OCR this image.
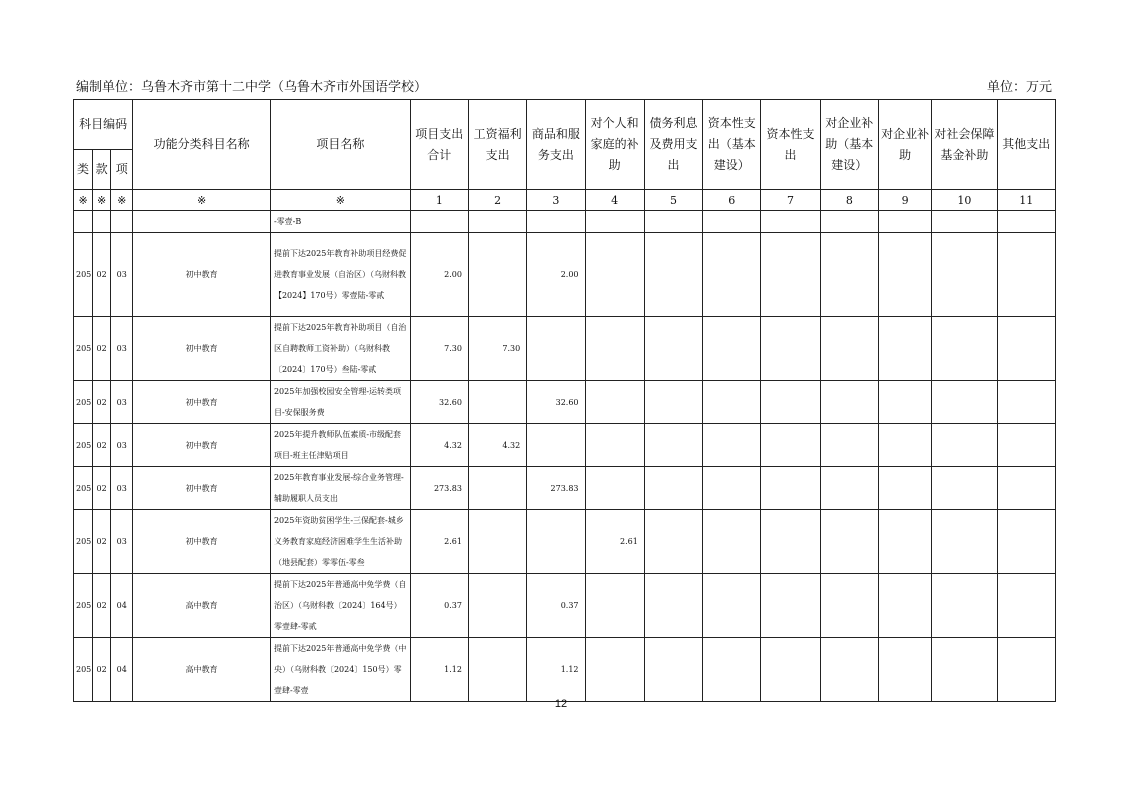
编制单位：乌鲁木齐市第十二中学（乌鲁木齐市外国语学校）	单位：万元
科目编码			功能分类科目名称	项目名称	项目支出合计	工资福利支出	商品和服务支出	对个人和家庭的补助	债务利息及费用支出	资本性支出（基本建设）	资本性支出	对企业补助（基本建设）	对企业补助	对社会保障基金补助	其他支出
类	款	项													
※	※	※	※	※	1	2	3	4	5	6	7	8	9	10	11
				-零壹-B											
205	02	03	初中教育	提前下达2025年教育补助项目经费促进教育事业发展（自治区）（乌财科教【2024】170号）零壹陆-零贰	2.00		2.00								
205	02	03	初中教育	提前下达2025年教育补助项目（自治区自聘教师工资补助）（乌财科教〔2024〕170号）叁陆-零贰	7.30	7.30									
205	02	03	初中教育	2025年加强校园安全管理-运转类项目-安保服务费	32.60		32.60								
205	02	03	初中教育	2025年提升教师队伍素质-市级配套项目-班主任津贴项目	4.32	4.32									
205	02	03	初中教育	2025年教育事业发展-综合业务管理-辅助履职人员支出	273.83		273.83								
205	02	03	初中教育	2025年资助贫困学生-三保配套-城乡义务教育家庭经济困难学生生活补助（地县配套）零零伍-零叁	2.61			2.61							
205	02	04	高中教育	提前下达2025年普通高中免学费（自治区）（乌财科教〔2024〕164号）零壹肆-零贰	0.37		0.37								
205	02	04	高中教育	提前下达2025年普通高中免学费（中央）（乌财科教〔2024〕150号）零壹肆-零壹	1.12		1.12								
12
